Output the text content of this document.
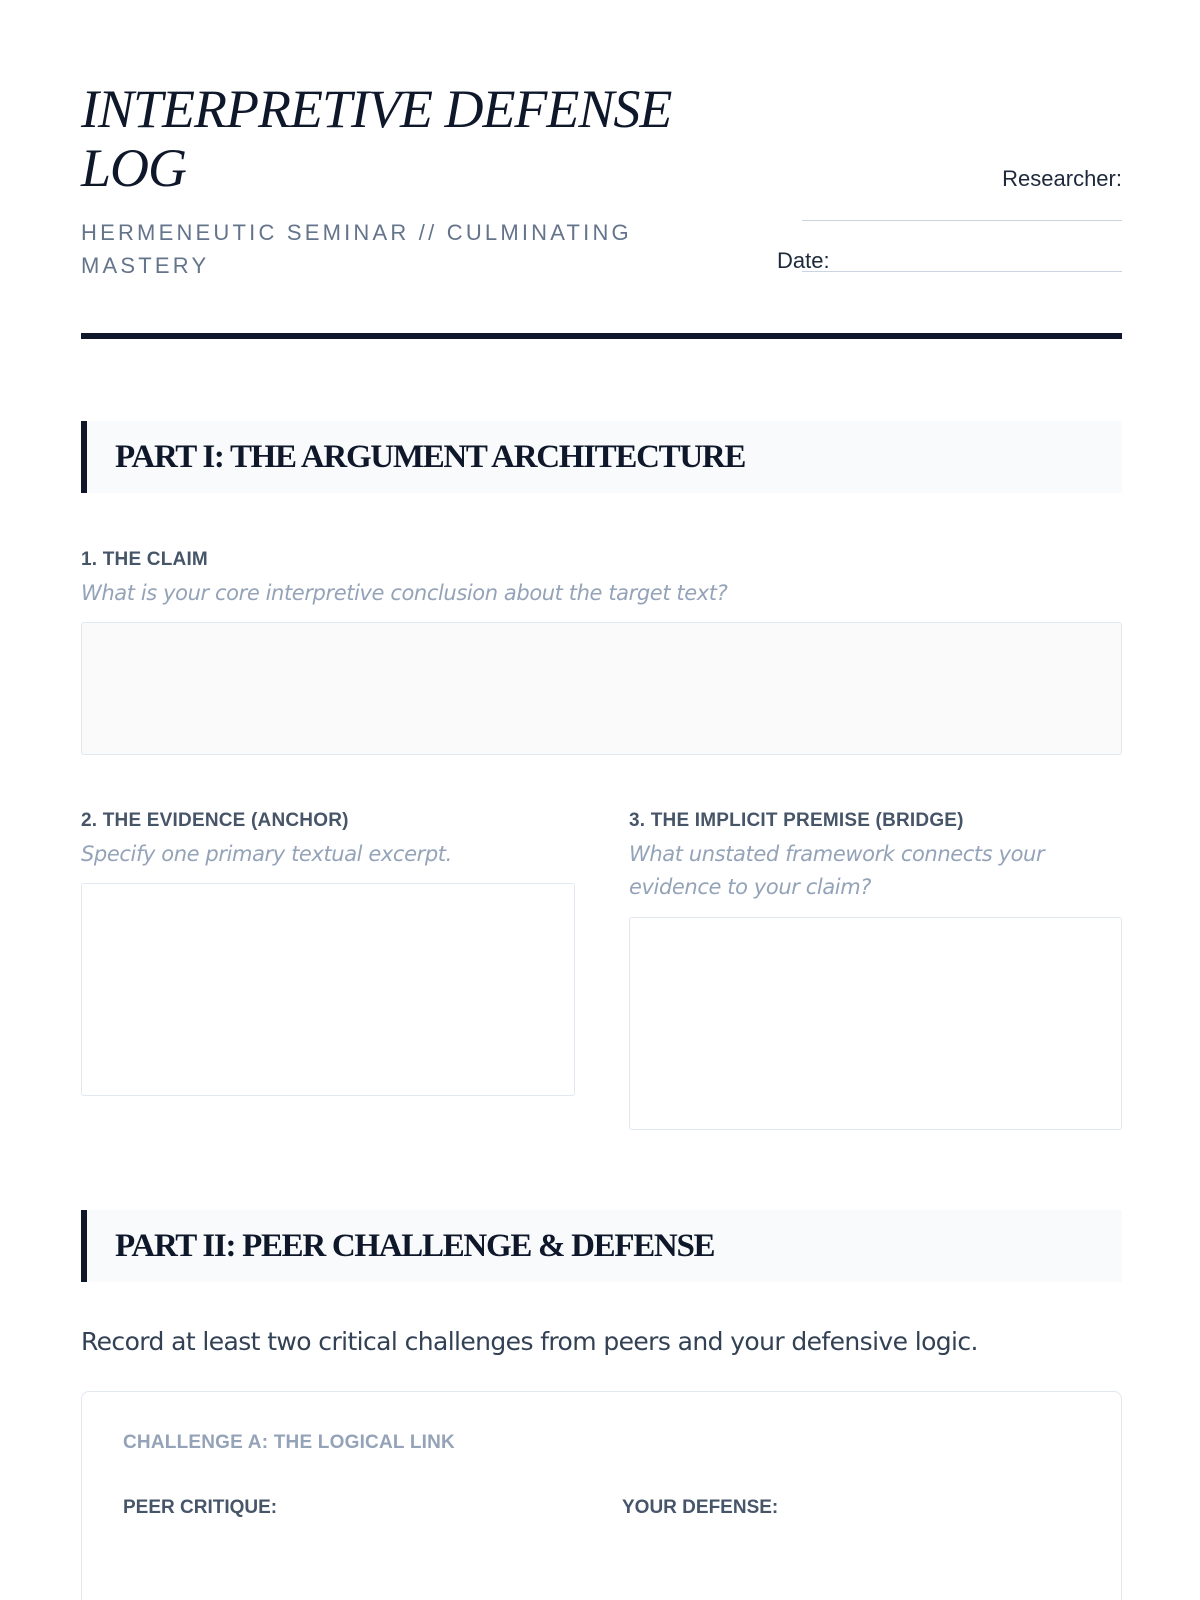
INTERPRETIVE DEFENSE LOG
HERMENEUTIC SEMINAR // CULMINATING MASTERY
Researcher:
Date:
PART I: THE ARGUMENT ARCHITECTURE
1. THE CLAIM
What is your core interpretive conclusion about the target text?
2. THE EVIDENCE (ANCHOR)
Specify one primary textual excerpt.
3. THE IMPLICIT PREMISE (BRIDGE)
What unstated framework connects your evidence to your claim?
PART II: PEER CHALLENGE & DEFENSE
Record at least two critical challenges from peers and your defensive logic.
CHALLENGE A: THE LOGICAL LINK
PEER CRITIQUE:	YOUR DEFENSE:
